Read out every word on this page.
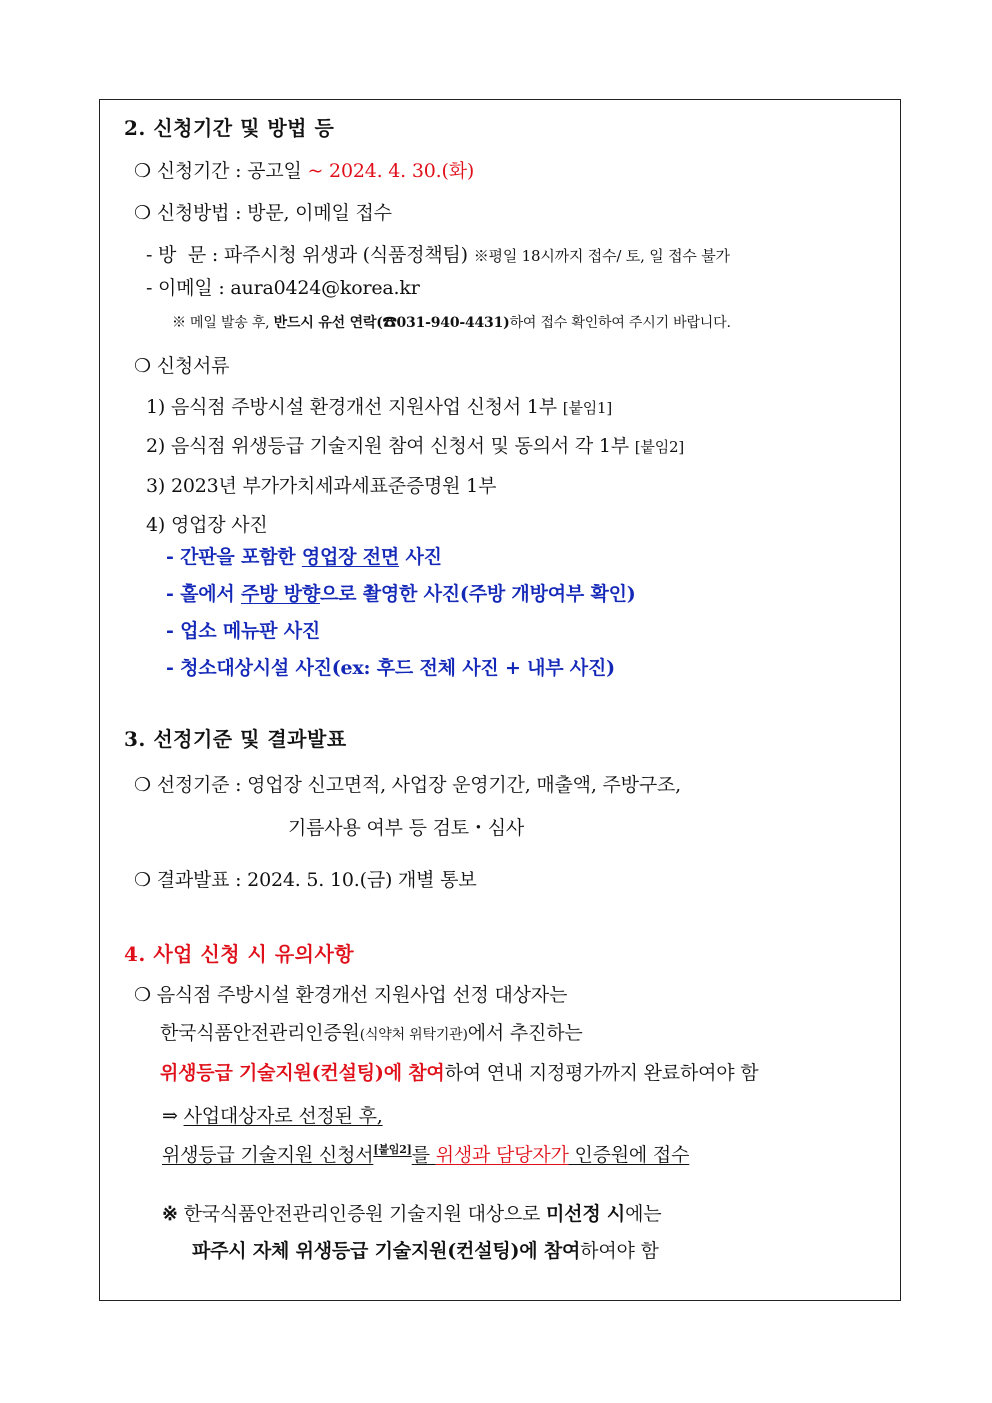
2. 신청기간 및 방법 등
❍ 신청기간 : 공고일 ~ 2024. 4. 30.(화)
❍ 신청방법 : 방문, 이메일 접수
- 방  문 : 파주시청 위생과 (식품정책팀) ※평일 18시까지 접수/ 토, 일 접수 불가
- 이메일 : aura0424@korea.kr
※ 메일 발송 후, 반드시 유선 연락(☎031-940-4431)하여 접수 확인하여 주시기 바랍니다.
❍ 신청서류
1) 음식점 주방시설 환경개선 지원사업 신청서 1부 [붙임1]
2) 음식점 위생등급 기술지원 참여 신청서 및 동의서 각 1부 [붙임2]
3) 2023년 부가가치세과세표준증명원 1부
4) 영업장 사진
- 간판을 포함한 영업장 전면 사진
- 홀에서 주방 방향으로 촬영한 사진(주방 개방여부 확인)
- 업소 메뉴판 사진
- 청소대상시설 사진(ex: 후드 전체 사진 + 내부 사진)
3. 선정기준 및 결과발표
❍ 선정기준 : 영업장 신고면적, 사업장 운영기간, 매출액, 주방구조,
기름사용 여부 등 검토・심사
❍ 결과발표 : 2024. 5. 10.(금) 개별 통보
4. 사업 신청 시 유의사항
❍ 음식점 주방시설 환경개선 지원사업 선정 대상자는
한국식품안전관리인증원(식약처 위탁기관)에서 추진하는
위생등급 기술지원(컨설팅)에 참여하여 연내 지정평가까지 완료하여야 함
⇒ 사업대상자로 선정된 후,
위생등급 기술지원 신청서[붙임2]를 위생과 담당자가 인증원에 접수
※ 한국식품안전관리인증원 기술지원 대상으로 미선정 시에는
파주시 자체 위생등급 기술지원(컨설팅)에 참여하여야 함
